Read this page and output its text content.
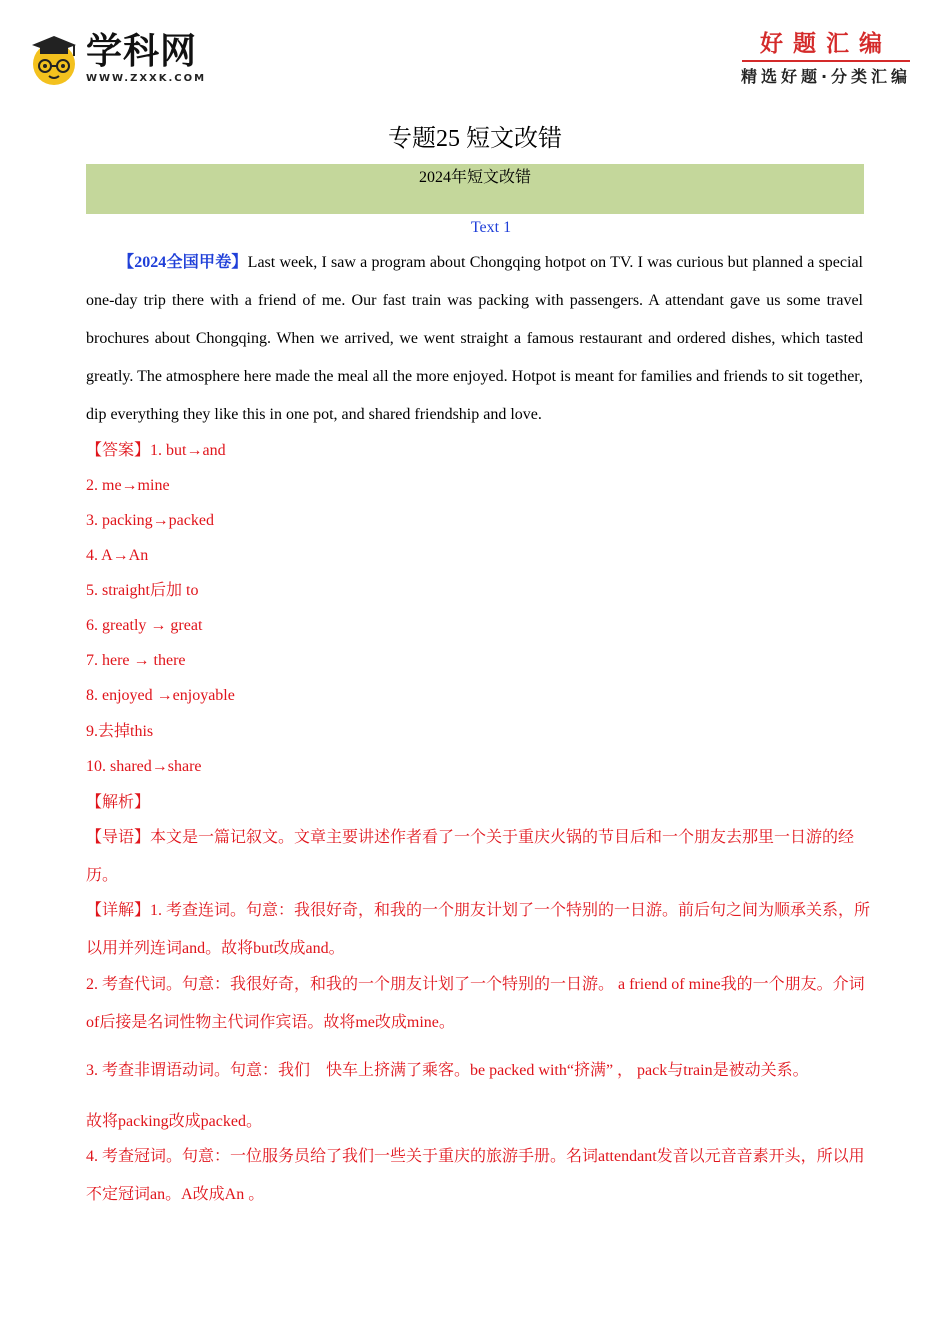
学科网
WWW.ZXXK.COM
好题汇编
精选好题·分类汇编
专题25 短文改错
2024年短文改错
Text 1

【2024全国甲卷】Last week, I saw a program about Chongqing hotpot on TV. I was curious but planned a special one-day trip there with a friend of me. Our fast train was packing with passengers. A attendant gave us some travel brochures about Chongqing. When we arrived, we went straight a famous restaurant and ordered dishes, which tasted greatly. The atmosphere here made the meal all the more enjoyed. Hotpot is meant for families and friends to sit together, dip everything they like this in one pot, and shared friendship and love.

【答案】1. but→and
2. me→mine
3. packing→packed
4. A→An
5. straight后加 to
6. greatly → great
7. here → there
8. enjoyed →enjoyable
9.去掉this
10. shared→share
【解析】

【导语】本文是一篇记叙文。文章主要讲述作者看了一个关于重庆火锅的节目后和一个朋友去那里一日游的经历。

【详解】1. 考查连词。句意：我很好奇，和我的一个朋友计划了一个特别的一日游。前后句之间为顺承关系，所以用并列连词and。故将but改成and。

2. 考查代词。句意：我很好奇，和我的一个朋友计划了一个特别的一日游。 a friend of mine我的一个朋友。介词of后接是名词性物主代词作宾语。故将me改成mine。

3. 考查非谓语动词。句意：我们　快车上挤满了乘客。be packed with“挤满” ， pack与train是被动关系。

故将packing改成packed。

4. 考查冠词。句意：一位服务员给了我们一些关于重庆的旅游手册。名词attendant发音以元音音素开头，所以用不定冠词an。A改成An 。
